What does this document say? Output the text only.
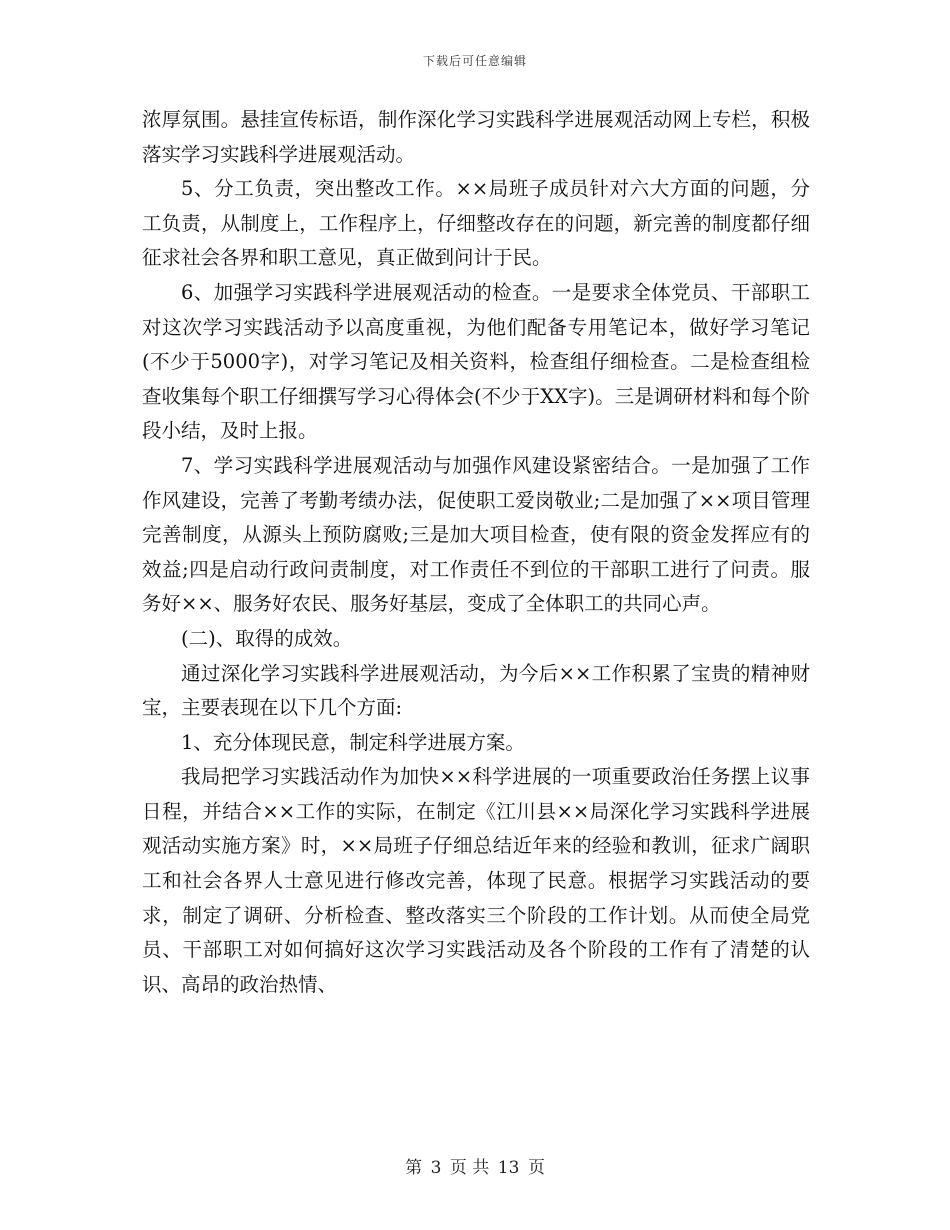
下载后可任意编辑

浓厚氛围。悬挂宣传标语，制作深化学习实践科学进展观活动网上专栏，积极落实学习实践科学进展观活动。

5、分工负责，突出整改工作。××局班子成员针对六大方面的问题，分工负责，从制度上，工作程序上，仔细整改存在的问题，新完善的制度都仔细征求社会各界和职工意见，真正做到问计于民。

6、加强学习实践科学进展观活动的检查。一是要求全体党员、干部职工对这次学习实践活动予以高度重视，为他们配备专用笔记本，做好学习笔记(不少于5000字)，对学习笔记及相关资料，检查组仔细检查。二是检查组检查收集每个职工仔细撰写学习心得体会(不少于XX字)。三是调研材料和每个阶段小结，及时上报。

7、学习实践科学进展观活动与加强作风建设紧密结合。一是加强了工作作风建设，完善了考勤考绩办法，促使职工爱岗敬业;二是加强了××项目管理完善制度，从源头上预防腐败;三是加大项目检查，使有限的资金发挥应有的效益;四是启动行政问责制度，对工作责任不到位的干部职工进行了问责。服务好××、服务好农民、服务好基层，变成了全体职工的共同心声。

(二)、取得的成效。

通过深化学习实践科学进展观活动，为今后××工作积累了宝贵的精神财宝，主要表现在以下几个方面:

1、充分体现民意，制定科学进展方案。

我局把学习实践活动作为加快××科学进展的一项重要政治任务摆上议事日程，并结合××工作的实际，在制定《江川县××局深化学习实践科学进展观活动实施方案》时，××局班子仔细总结近年来的经验和教训，征求广阔职工和社会各界人士意见进行修改完善，体现了民意。根据学习实践活动的要求，制定了调研、分析检查、整改落实三个阶段的工作计划。从而使全局党员、干部职工对如何搞好这次学习实践活动及各个阶段的工作有了清楚的认识、高昂的政治热情、

第 3 页 共 13 页
